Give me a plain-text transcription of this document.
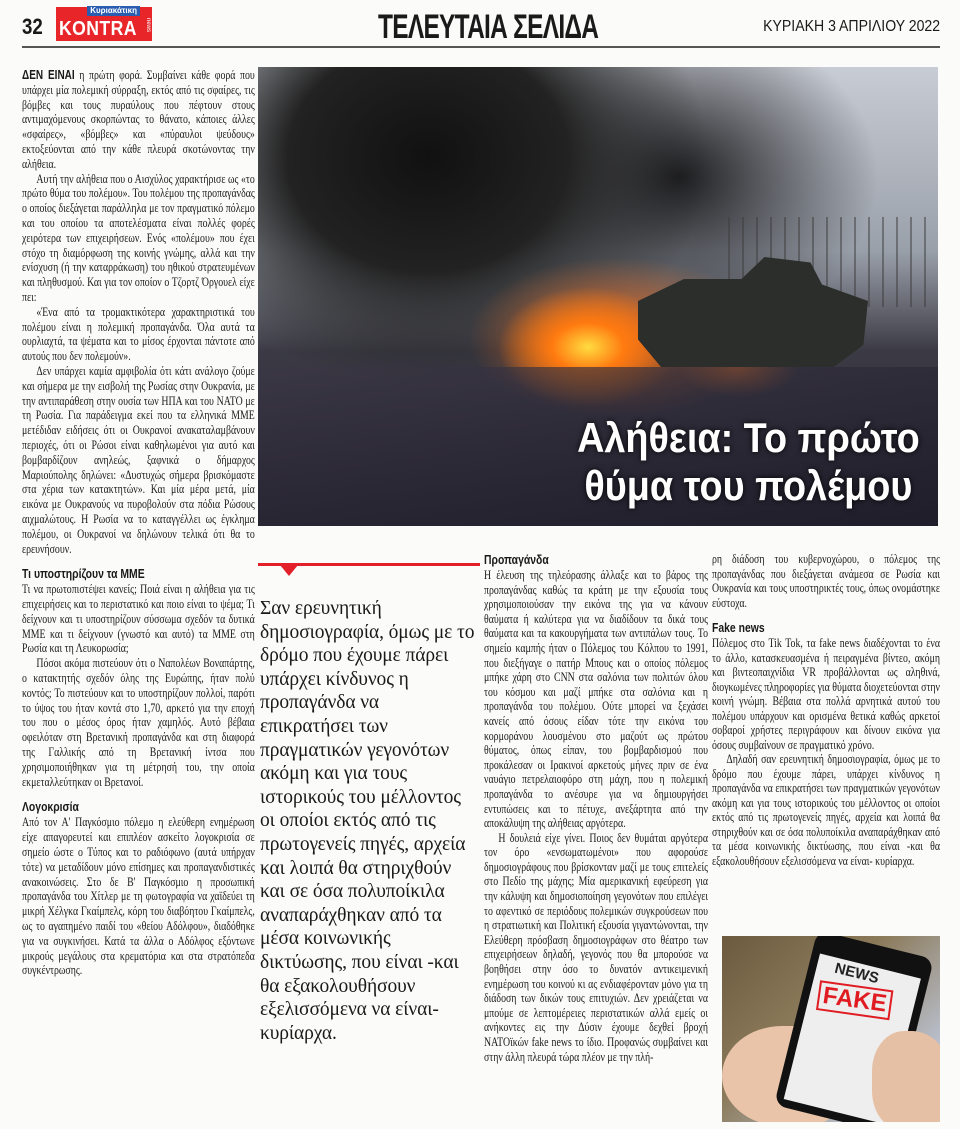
32
Κυριακάτικη
KONTRA news	ΤΕΛΕΥΤΑΙΑ ΣΕΛΙΔΑ	ΚΥΡΙΑΚΗ 3 ΑΠΡΙΛΙΟΥ 2022

ΔΕΝ ΕΙΝΑΙ η πρώτη φορά. Συμβαίνει κάθε φορά που υπάρχει μία πολεμική σύρραξη, εκτός από τις σφαίρες, τις βόμβες και τους πυραύλους που πέφτουν στους αντιμαχόμενους σκορπώντας το θάνατο, κάποιες άλλες «σφαίρες», «βόμβες» και «πύραυλοι ψεύδους» εκτοξεύονται από την κάθε πλευρά σκοτώνοντας την αλήθεια.

Αυτή την αλήθεια που ο Αισχύλος χαρακτήρισε ως «το πρώτο θύμα του πολέμου». Του πολέμου της προπαγάνδας ο οποίος διεξάγεται παράλληλα με τον πραγματικό πόλεμο και του οποίου τα αποτελέσματα είναι πολλές φορές χειρότερα των επιχειρήσεων. Ενός «πολέμου» που έχει στόχο τη διαμόρφωση της κοινής γνώμης, αλλά και την ενίσχυση (ή την καταρράκωση) του ηθικού στρατευμένων και πληθυσμού. Και για τον οποίον ο Τζορτζ Όργουελ είχε πει:

«Ένα από τα τρομακτικότερα χαρακτηριστικά του πολέμου είναι η πολεμική προπαγάνδα. Όλα αυτά τα ουρλιαχτά, τα ψέματα και το μίσος έρχονται πάντοτε από αυτούς που δεν πολεμούν».

Δεν υπάρχει καμία αμφιβολία ότι κάτι ανάλογο ζούμε και σήμερα με την εισβολή της Ρωσίας στην Ουκρανία, με την αντιπαράθεση στην ουσία των ΗΠΑ και του ΝΑΤΟ με τη Ρωσία. Για παράδειγμα εκεί που τα ελληνικά ΜΜΕ μετέδιδαν ειδήσεις ότι οι Ουκρανοί ανακαταλαμβάνουν περιοχές, ότι οι Ρώσοι είναι καθηλωμένοι για αυτό και βομβαρδίζουν ανηλεώς, ξαφνικά ο δήμαρχος Μαριούπολης δηλώνει: «Δυστυχώς σήμερα βρισκόμαστε στα χέρια των κατακτητών». Και μία μέρα μετά, μία εικόνα με Ουκρανούς να πυροβολούν στα πόδια Ρώσους αιχμαλώτους. Η Ρωσία να το καταγγέλλει ως έγκλημα πολέμου, οι Ουκρανοί να δηλώνουν τελικά ότι θα το ερευνήσουν.

Τι υποστηρίζουν τα ΜΜΕ

Τι να πρωτοπιστέψει κανείς; Ποιά είναι η αλήθεια για τις επιχειρήσεις και το περιστατικό και ποιο είναι το ψέμα; Τι δείχνουν και τι υποστηρίζουν σύσσωμα σχεδόν τα δυτικά ΜΜΕ και τι δείχνουν (γνωστό και αυτό) τα ΜΜΕ στη Ρωσία και τη Λευκορωσία;

Πόσοι ακόμα πιστεύουν ότι ο Ναπολέων Βοναπάρτης, ο κατακτητής σχεδόν όλης της Ευρώπης, ήταν πολύ κοντός; Το πιστεύουν και το υποστηρίζουν πολλοί, παρότι το ύψος του ήταν κοντά στο 1,70, αρκετό για την εποχή του που ο μέσος όρος ήταν χαμηλός. Αυτό βέβαια οφειλόταν στη Βρετανική προπαγάνδα και στη διαφορά της Γαλλικής από τη Βρετανική ίντσα που χρησιμοποιήθηκαν για τη μέτρησή του, την οποία εκμεταλλεύτηκαν οι Βρετανοί.

Λογοκρισία

Από τον Α' Παγκόσμιο πόλεμο η ελεύθερη ενημέρωση είχε απαγορευτεί και επιπλέον ασκείτο λογοκρισία σε σημείο ώστε ο Τύπος και το ραδιόφωνο (αυτά υπήρχαν τότε) να μεταδίδουν μόνο επίσημες και προπαγανδιστικές ανακοινώσεις. Στο δε Β' Παγκόσμιο η προσωπική προπαγάνδα του Χίτλερ με τη φωτογραφία να χαϊδεύει τη μικρή Χέλγκα Γκαίμπελς, κόρη του διαβόητου Γκαίμπελς, ως το αγαπημένο παιδί του «θείου Αδόλφου», διαδόθηκε για να συγκινήσει. Κατά τα άλλα ο Αδόλφος εξόντωνε μικρούς μεγάλους στα κρεματόρια και στα στρατόπεδα συγκέντρωσης.

Αλήθεια: Το πρώτο
θύμα του πολέμου
Σαν ερευνητική δημοσιογραφία, όμως με το δρόμο που έχουμε πάρει υπάρχει κίνδυνος η προπαγάνδα να επικρατήσει των πραγματικών γεγονότων ακόμη και για τους ιστορικούς του μέλλοντος οι οποίοι εκτός από τις πρωτογενείς πηγές, αρχεία και λοιπά θα στηριχθούν και σε όσα πολυποίκιλα αναπαράχθηκαν από τα μέσα κοινωνικής δικτύωσης, που είναι -και θα εξακολουθήσουν εξελισσόμενα να είναι- κυρίαρχα.
Προπαγάνδα

Η έλευση της τηλεόρασης άλλαξε και το βάρος της προπαγάνδας καθώς τα κράτη με την εξουσία τους χρησιμοποιούσαν την εικόνα της για να κάνουν θαύματα ή καλύτερα για να διαδίδουν τα δικά τους θαύματα και τα κακουργήματα των αντιπάλων τους. Το σημείο καμπής ήταν ο Πόλεμος του Κόλπου το 1991, που διεξήγαγε ο πατήρ Μπους και ο οποίος πόλεμος μπήκε χάρη στο CNN στα σαλόνια των πολιτών όλου του κόσμου και μαζί μπήκε στα σαλόνια και η προπαγάνδα του πολέμου. Ούτε μπορεί να ξεχάσει κανείς από όσους είδαν τότε την εικόνα του κορμοράνου λουσμένου στο μαζούτ ως πρώτου θύματος, όπως είπαν, του βομβαρδισμού που προκάλεσαν οι Ιρακινοί αρκετούς μήνες πριν σε ένα ναυάγιο πετρελαιοφόρο στη μάχη, που η πολεμική προπαγάνδα το ανέσυρε για να δημιουργήσει εντυπώσεις και το πέτυχε, ανεξάρτητα από την αποκάλυψη της αλήθειας αργότερα.

Η δουλειά είχε γίνει. Ποιος δεν θυμάται αργότερα τον όρο «ενσωματωμένοι» που αφορούσε δημοσιογράφους που βρίσκονταν μαζί με τους επιτελείς στο Πεδίο της μάχης; Μία αμερικανική εφεύρεση για την κάλυψη και δημοσιοποίηση γεγονότων που επιλέγει το αφεντικό σε περιόδους πολεμικών συγκρούσεων που η στρατιωτική και Πολιτική εξουσία γιγαντώνονται, την Ελεύθερη πρόσβαση δημοσιογράφων στο θέατρο των επιχειρήσεων δηλαδή, γεγονός που θα μπορούσε να βοηθήσει στην όσο το δυνατόν αντικειμενική ενημέρωση του κοινού κι ας ενδιαφέρονταν μόνο για τη διάδοση των δικών τους επιτυχιών. Δεν χρειάζεται να μπούμε σε λεπτομέρειες περιστατικών αλλά εμείς οι ανήκοντες εις την Δύσιν έχουμε δεχθεί βροχή ΝΑΤΟϊκών fake news το ίδιο. Προφανώς συμβαίνει και στην άλλη πλευρά τώρα πλέον με την πλή-

ρη διάδοση του κυβερνοχώρου, ο πόλεμος της προπαγάνδας που διεξάγεται ανάμεσα σε Ρωσία και Ουκρανία και τους υποστηρικτές τους, όπως ονομάστηκε εύστοχα.

Fake news

Πόλεμος στο Tik Tok, τα fake news διαδέχονται το ένα το άλλο, κατασκευασμένα ή πειραγμένα βίντεο, ακόμη και βιντεοπαιχνίδια VR προβάλλονται ως αληθινά, διογκωμένες πληροφορίες για θύματα διοχετεύονται στην κοινή γνώμη. Βέβαια στα πολλά αρνητικά αυτού του πολέμου υπάρχουν και ορισμένα θετικά καθώς αρκετοί σοβαροί χρήστες περιγράφουν και δίνουν εικόνα για όσους συμβαίνουν σε πραγματικό χρόνο.

Δηλαδή σαν ερευνητική δημοσιογραφία, όμως με το δρόμο που έχουμε πάρει, υπάρχει κίνδυνος η προπαγάνδα να επικρατήσει των πραγματικών γεγονότων ακόμη και για τους ιστορικούς του μέλλοντος οι οποίοι εκτός από τις πρωτογενείς πηγές, αρχεία και λοιπά θα στηριχθούν και σε όσα πολυποίκιλα αναπαράχθηκαν από τα μέσα κοινωνικής δικτύωσης, που είναι -και θα εξακολουθήσουν εξελισσόμενα να είναι- κυρίαρχα.

NEWS
FAKE
